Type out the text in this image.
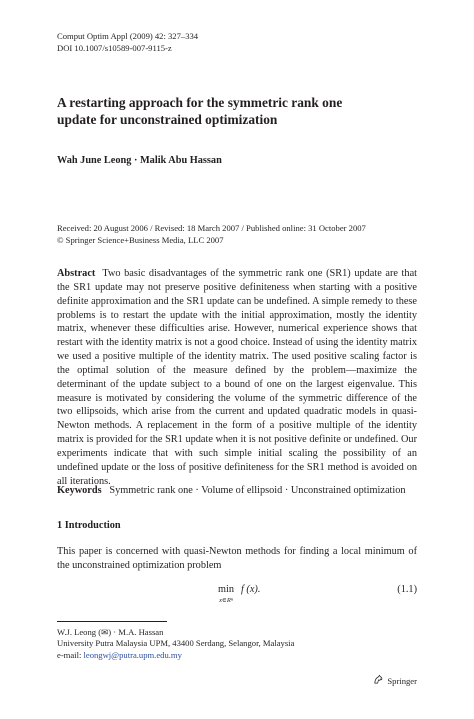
Comput Optim Appl (2009) 42: 327–334
DOI 10.1007/s10589-007-9115-z
A restarting approach for the symmetric rank one
update for unconstrained optimization
Wah June Leong · Malik Abu Hassan
Received: 20 August 2006 / Revised: 18 March 2007 / Published online: 31 October 2007
© Springer Science+Business Media, LLC 2007
Abstract Two basic disadvantages of the symmetric rank one (SR1) update are that the SR1 update may not preserve positive definiteness when starting with a positive definite approximation and the SR1 update can be undefined. A simple remedy to these problems is to restart the update with the initial approximation, mostly the identity matrix, whenever these difficulties arise. However, numerical experience shows that restart with the identity matrix is not a good choice. Instead of using the identity matrix we used a positive multiple of the identity matrix. The used positive scaling factor is the optimal solution of the measure defined by the problem—maximize the determinant of the update subject to a bound of one on the largest eigenvalue. This measure is motivated by considering the volume of the symmetric difference of the two ellipsoids, which arise from the current and updated quadratic models in quasi-Newton methods. A replacement in the form of a positive multiple of the identity matrix is provided for the SR1 update when it is not positive definite or undefined. Our experiments indicate that with such simple initial scaling the possibility of an undefined update or the loss of positive definiteness for the SR1 method is avoided on all iterations.
Keywords Symmetric rank one · Volume of ellipsoid · Unconstrained optimization
1 Introduction
This paper is concerned with quasi-Newton methods for finding a local minimum of the unconstrained optimization problem
min
x∈Rⁿ
f (x).	(1.1)
W.J. Leong (✉) · M.A. Hassan
University Putra Malaysia UPM, 43400 Serdang, Selangor, Malaysia
e-mail: leongwj@putra.upm.edu.my
Springer
